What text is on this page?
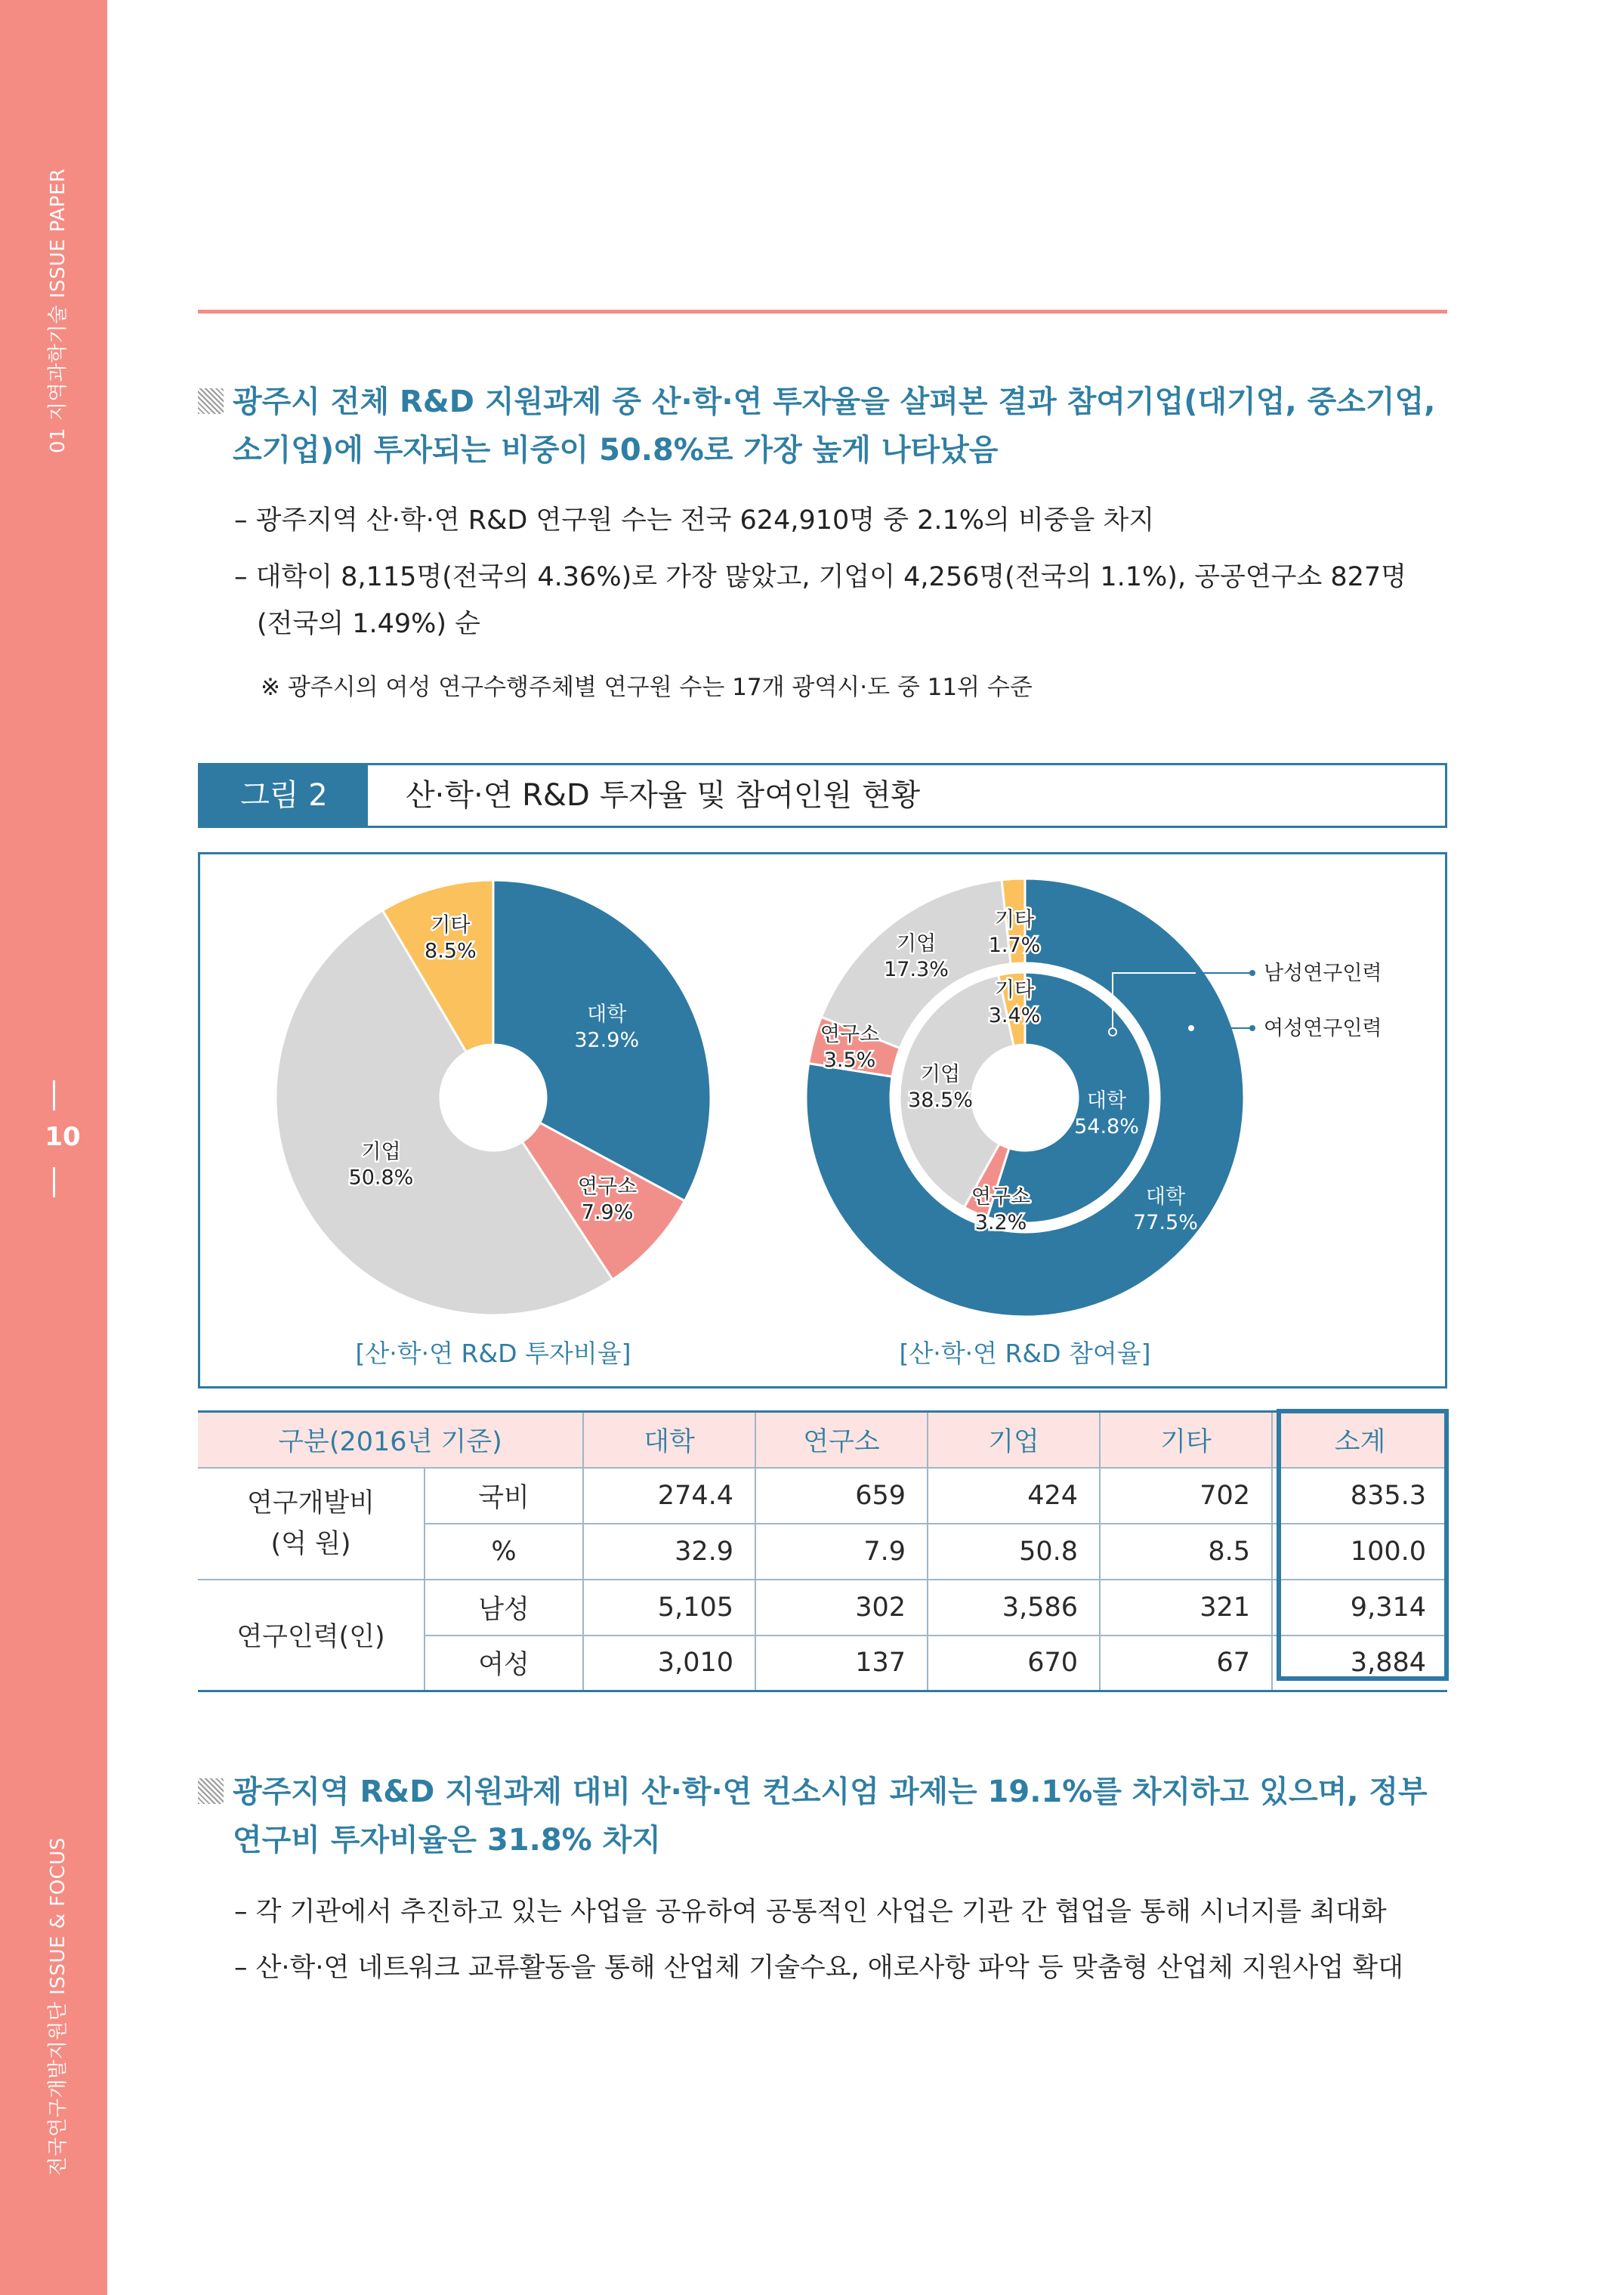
01 지역과학기술 ISSUE PAPER
10
전국연구개발지원단 ISSUE & FOCUS
광주시 전체 R&D 지원과제 중 산·학·연 투자율을 살펴본 결과 참여기업(대기업, 중소기업,
소기업)에 투자되는 비중이 50.8%로 가장 높게 나타났음
– 광주지역 산·학·연 R&D 연구원 수는 전국 624,910명 중 2.1%의 비중을 차지
– 대학이 8,115명(전국의 4.36%)로 가장 많았고, 기업이 4,256명(전국의 1.1%), 공공연구소 827명
(전국의 1.49%) 순
※ 광주시의 여성 연구수행주체별 연구원 수는 17개 광역시·도 중 11위 수준
그림 2	산·학·연 R&D 투자율 및 참여인원 현황
대학 32.9%
연구소 7.9%
기업 50.8%
기타 8.5%
[산·학·연 R&D 투자비율]
대학 77.5%
연구소 3.5%
기업 17.3%
기타 1.7%
대학 54.8%
연구소 3.2%
기업 38.5%
기타 3.4%
남성연구인력
여성연구인력
[산·학·연 R&D 참여율]
구분(2016년 기준)		대학	연구소	기업	기타	소계
연구개발비
(억 원)	국비	274.4	659	424	702	835.3
	%	32.9	7.9	50.8	8.5	100.0
연구인력(인)	남성	5,105	302	3,586	321	9,314
	여성	3,010	137	670	67	3,884
광주지역 R&D 지원과제 대비 산·학·연 컨소시엄 과제는 19.1%를 차지하고 있으며, 정부
연구비 투자비율은 31.8% 차지
– 각 기관에서 추진하고 있는 사업을 공유하여 공통적인 사업은 기관 간 협업을 통해 시너지를 최대화
– 산·학·연 네트워크 교류활동을 통해 산업체 기술수요, 애로사항 파악 등 맞춤형 산업체 지원사업 확대
